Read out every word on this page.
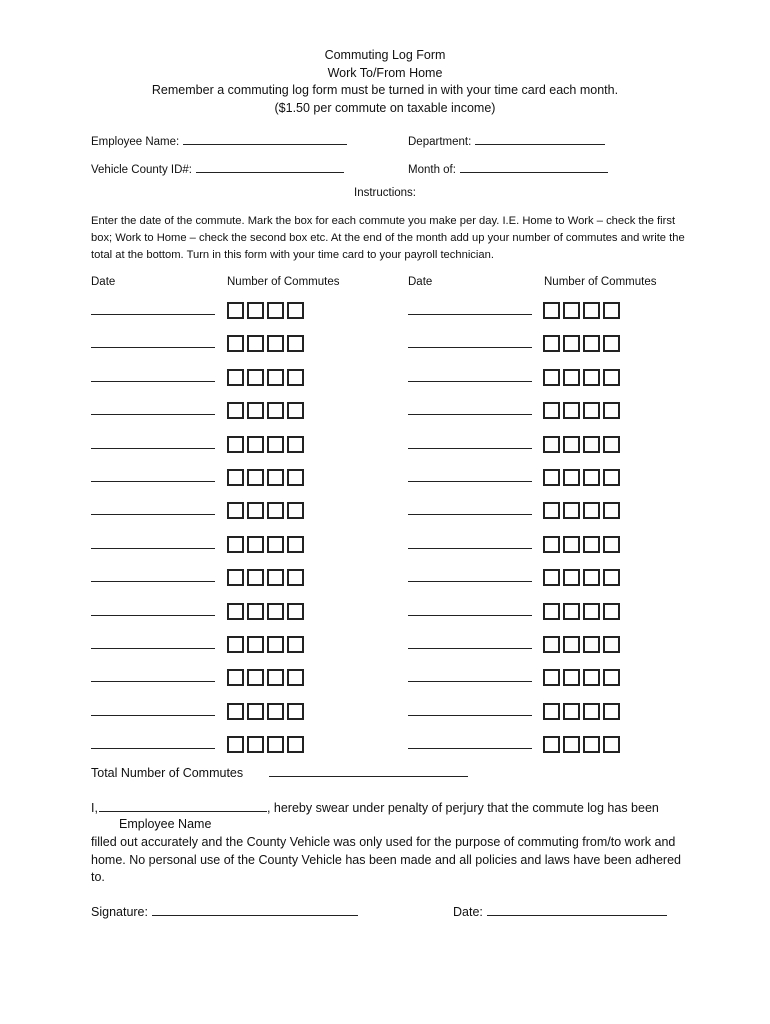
Commuting Log Form
Work To/From Home
Remember a commuting log form must be turned in with your time card each month.
($1.50 per commute on taxable income)
Employee Name:	Department:
Vehicle County ID#:	Month of:
Instructions:
Enter the date of the commute. Mark the box for each commute you make per day. I.E. Home to Work – check the first box; Work to Home – check the second box etc. At the end of the month add up your number of commutes and write the total at the bottom. Turn in this form with your time card to your payroll technician.
Date	Number of Commutes	Date	Number of Commutes
Total Number of Commutes
I,	, hereby swear under penalty of perjury that the commute log has been
Employee Name
filled out accurately and the County Vehicle was only used for the purpose of commuting from/to work and home. No personal use of the County Vehicle has been made and all policies and laws have been adhered to.
Signature:	Date:
